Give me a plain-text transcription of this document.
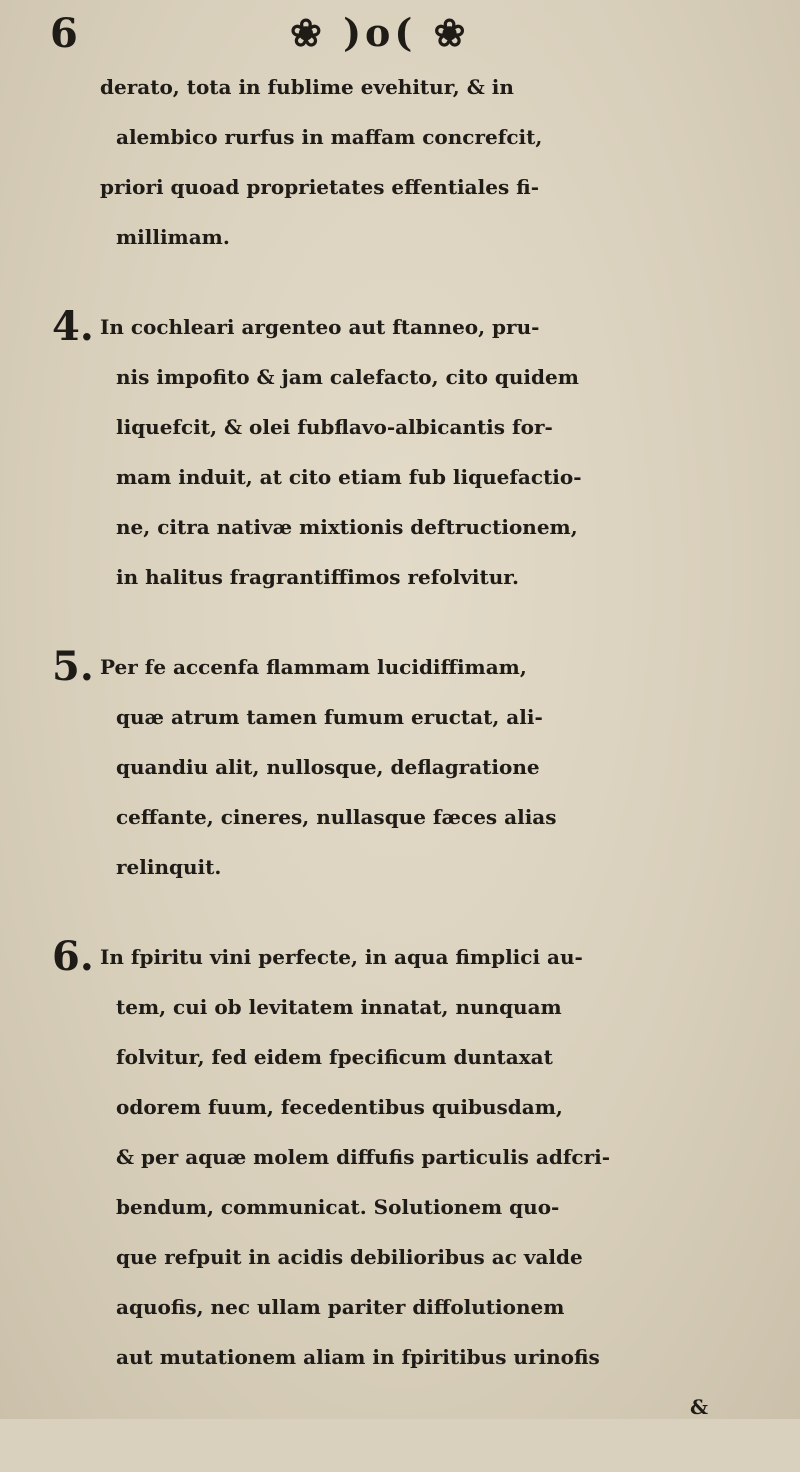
6	❀ )o( ❀
derato, tota in fublime evehitur, & in
alembico rurfus in maffam concrefcit,
priori quoad proprietates effentiales fi-
millimam.
4. In cochleari argenteo aut ftanneo, pru-
nis impofito & jam calefacto, cito quidem
liquefcit, & olei fubflavo-albicantis for-
mam induit, at cito etiam fub liquefactio-
ne, citra nativæ mixtionis deftructionem,
in halitus fragrantiffimos refolvitur.
5. Per fe accenfa flammam lucidiffimam,
quæ atrum tamen fumum eructat, ali-
quandiu alit, nullosque, deflagratione
ceffante, cineres, nullasque fæces alias
relinquit.
6. In fpiritu vini perfecte, in aqua fimplici au-
tem, cui ob levitatem innatat, nunquam
folvitur, fed eidem fpecificum duntaxat
odorem fuum, fecedentibus quibusdam,
& per aquæ molem diffufis particulis adfcri-
bendum, communicat. Solutionem quo-
que refpuit in acidis debilioribus ac valde
aquofis, nec ullam pariter diffolutionem
aut mutationem aliam in fpiritibus urinofis
&
